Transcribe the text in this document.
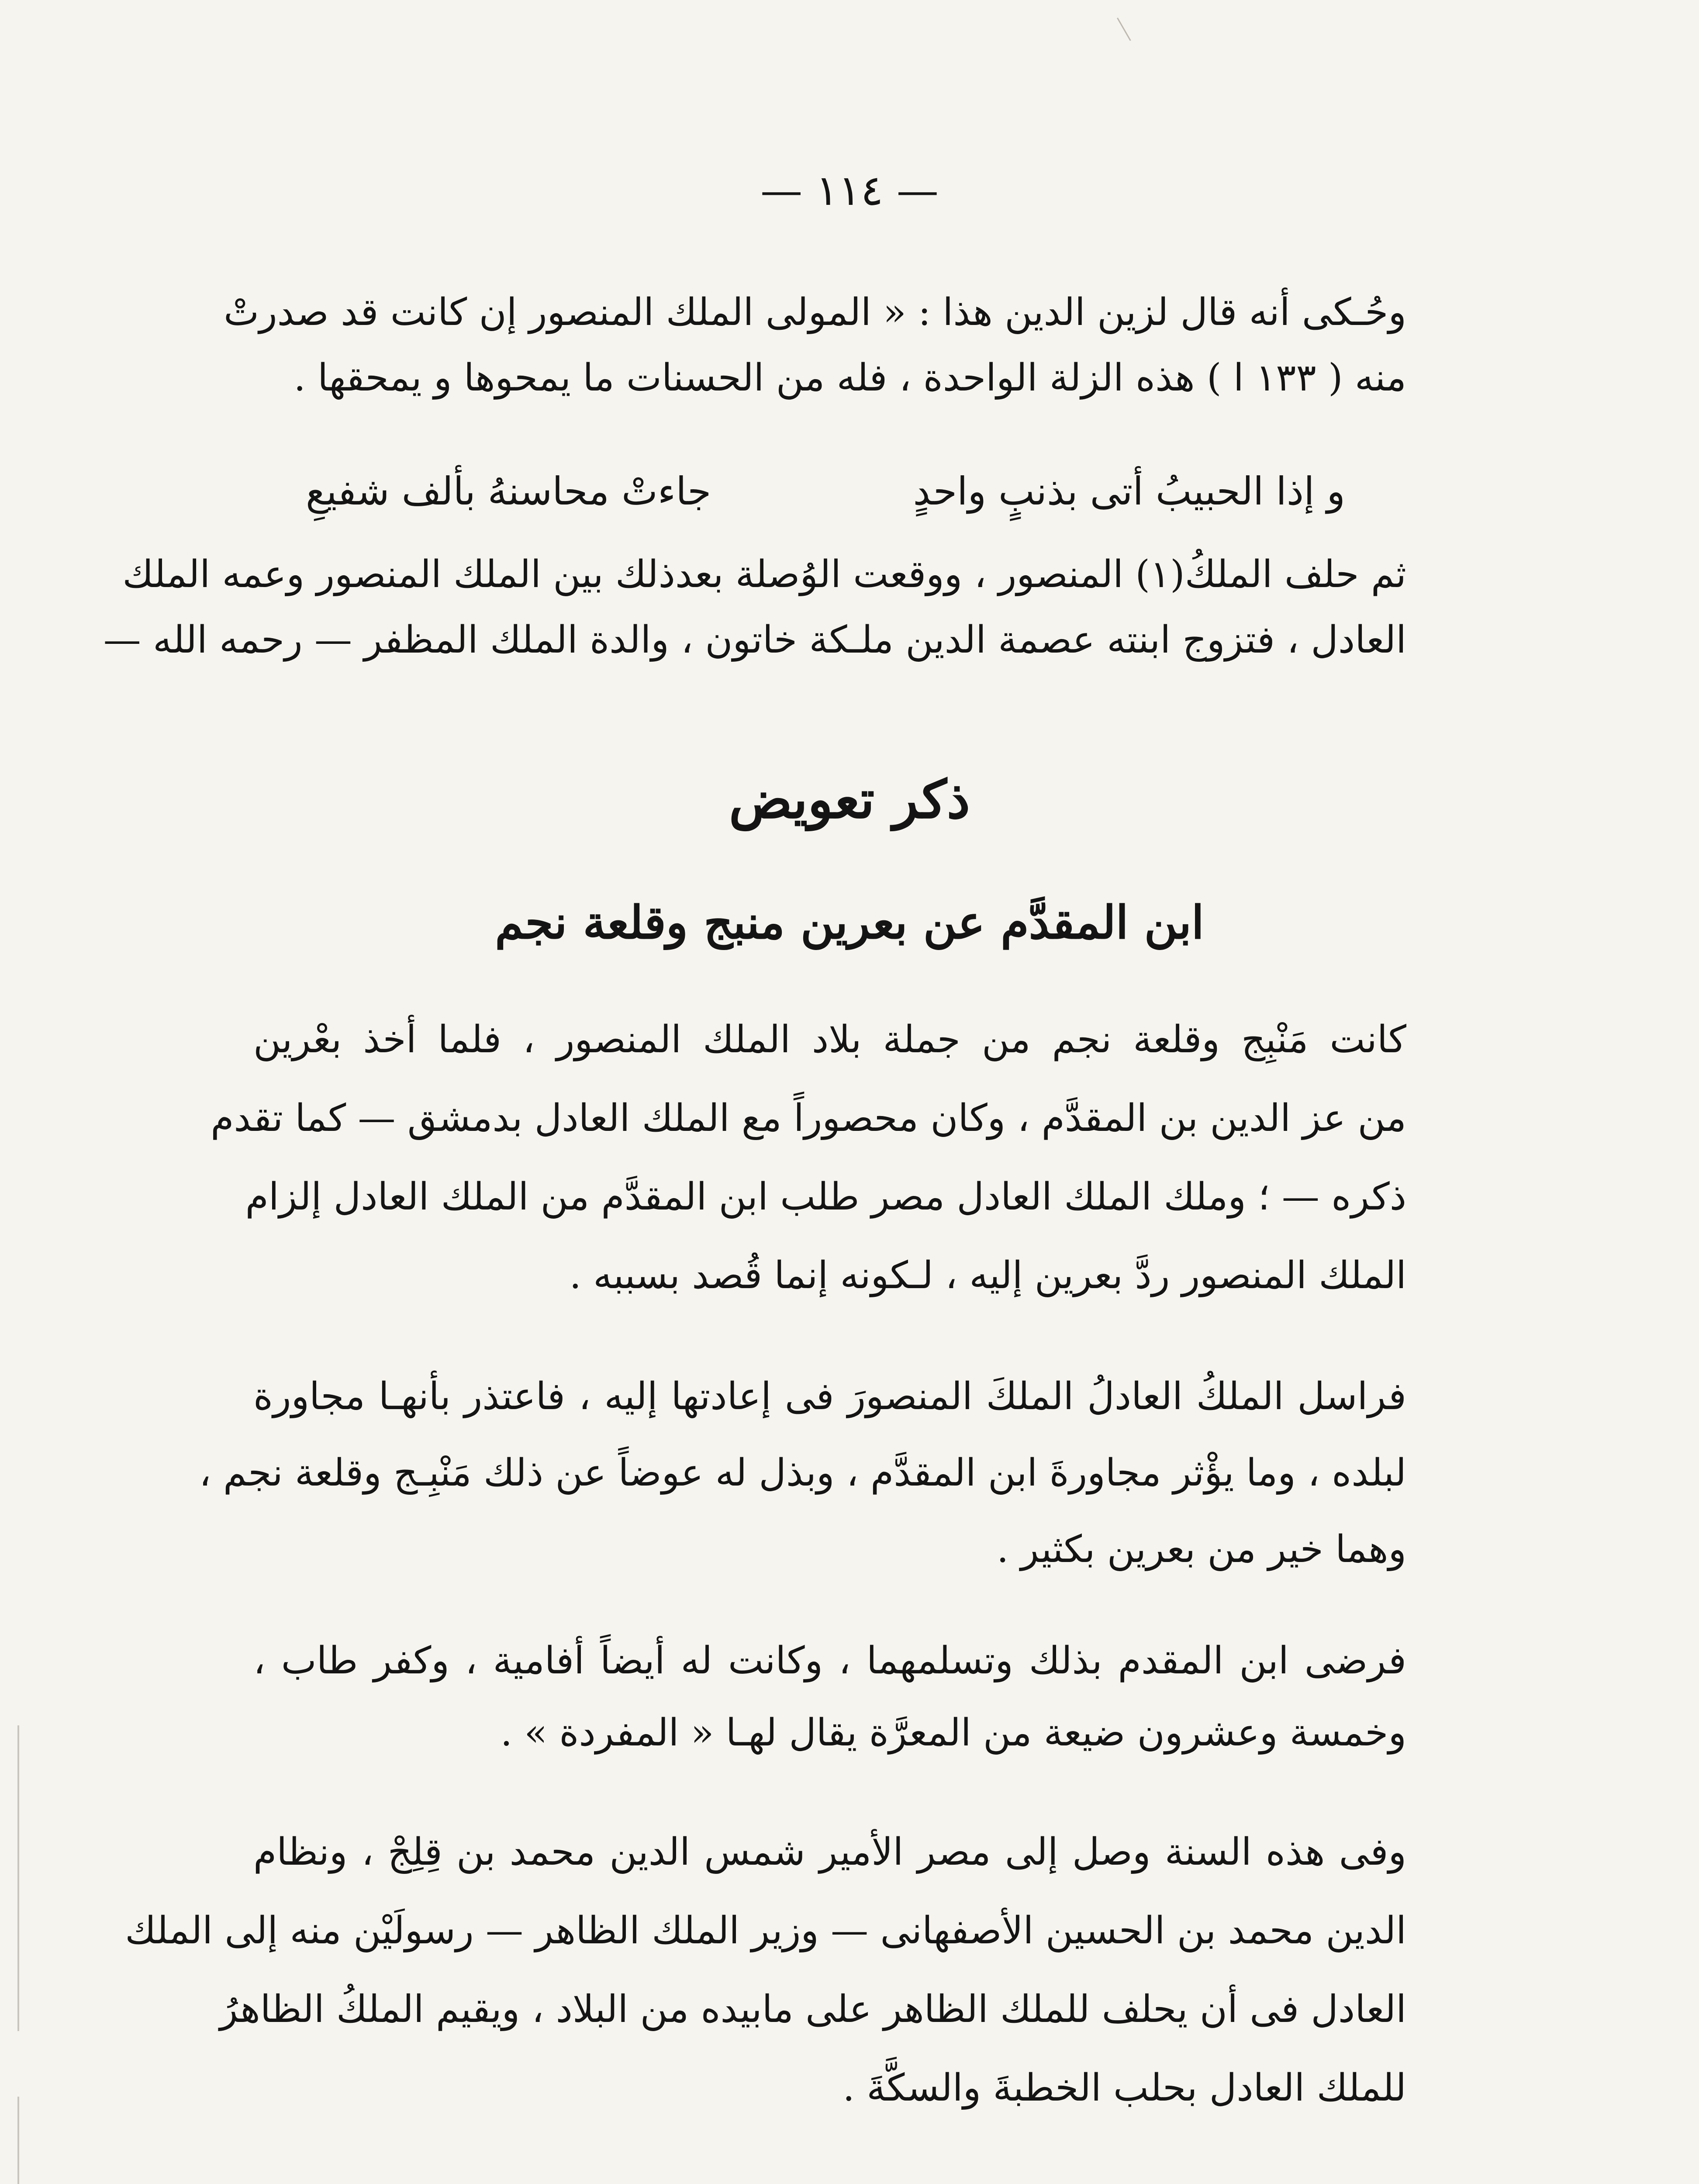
— ١١٤ —
وحُـكى أنه قال لزين الدين هذا : « المولى الملك المنصور إن كانت قد صدرتْ
منه ( ١٣٣ ا ) هذه الزلة الواحدة ، فله من الحسنات ما يمحوها و يمحقها .
و إذا الحبيبُ أتى بذنبٍ واحدٍ
جاءتْ محاسنهُ بألف شفيعِ
ثم حلف الملكُ(١) المنصور ، ووقعت الوُصلة بعدذلك بين الملك المنصور وعمه الملك
العادل ، فتزوج ابنته عصمة الدين ملـكة خاتون ، والدة الملك المظفر — رحمه الله —
ذكر تعويض
ابن المقدَّم عن بعرين منبج وقلعة نجم
كانت مَنْبِج وقلعة نجم من جملة بلاد الملك المنصور ، فلما أخذ بعْرين
من عز الدين بن المقدَّم ، وكان محصوراً مع الملك العادل بدمشق — كما تقدم
ذكره — ؛ وملك الملك العادل مصر طلب ابن المقدَّم من الملك العادل إلزام
الملك المنصور ردَّ بعرين إليه ، لـكونه إنما قُصد بسببه .
فراسل الملكُ العادلُ الملكَ المنصورَ فى إعادتها إليه ، فاعتذر بأنهـا مجاورة
لبلده ، وما يؤْثر مجاورةَ ابن المقدَّم ، وبذل له عوضاً عن ذلك مَنْبِـج وقلعة نجم ،
وهما خير من بعرين بكثير .
فرضى ابن المقدم بذلك وتسلمهما ، وكانت له أيضاً أفامية ، وكفر طاب ،
وخمسة وعشرون ضيعة من المعرَّة يقال لهـا « المفردة » .
وفى هذه السنة وصل إلى مصر الأمير شمس الدين محمد بن قِلِجْ ، ونظام
الدين محمد بن الحسين الأصفهانى — وزير الملك الظاهر — رسولَيْن منه إلى الملك
العادل فى أن يحلف للملك الظاهر على مابيده من البلاد ، ويقيم الملكُ الظاهرُ
للملك العادل بحلب الخطبةَ والسكَّةَ .
